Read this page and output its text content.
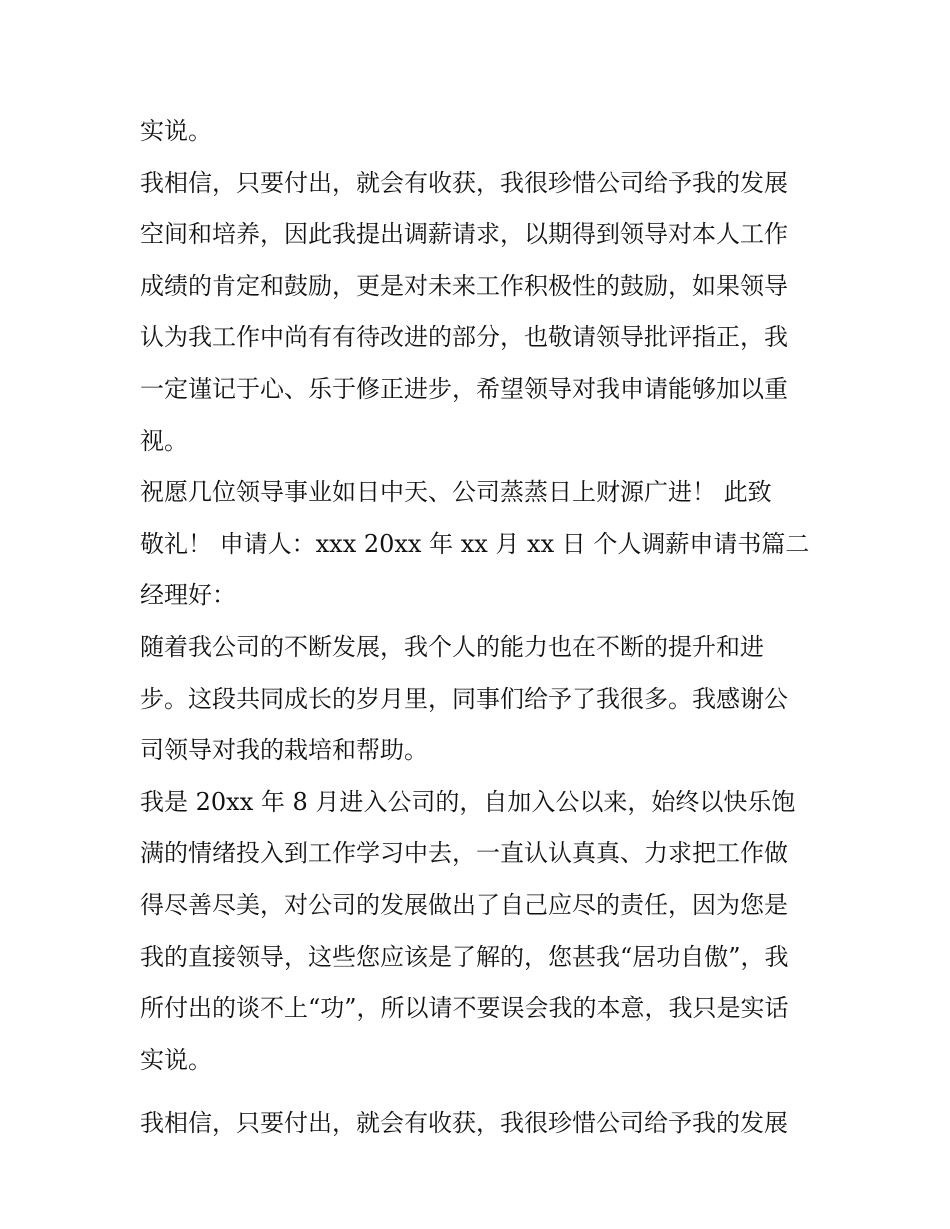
实说。
我相信，只要付出，就会有收获，我很珍惜公司给予我的发展
空间和培养，因此我提出调薪请求，以期得到领导对本人工作
成绩的肯定和鼓励，更是对未来工作积极性的鼓励，如果领导
认为我工作中尚有有待改进的部分，也敬请领导批评指正，我
一定谨记于心、乐于修正进步，希望领导对我申请能够加以重
视。
祝愿几位领导事业如日中天、公司蒸蒸日上财源广进！ 此致
敬礼！ 申请人：xxx 20xx 年 xx 月 xx 日 个人调薪申请书篇二
经理好：
随着我公司的不断发展，我个人的能力也在不断的提升和进
步。这段共同成长的岁月里，同事们给予了我很多。我感谢公
司领导对我的栽培和帮助。
我是 20xx 年 8 月进入公司的，自加入公以来，始终以快乐饱
满的情绪投入到工作学习中去，一直认认真真、力求把工作做
得尽善尽美，对公司的发展做出了自己应尽的责任，因为您是
我的直接领导，这些您应该是了解的，您甚我“居功自傲”，我
所付出的谈不上“功”，所以请不要误会我的本意，我只是实话
实说。
我相信，只要付出，就会有收获，我很珍惜公司给予我的发展
